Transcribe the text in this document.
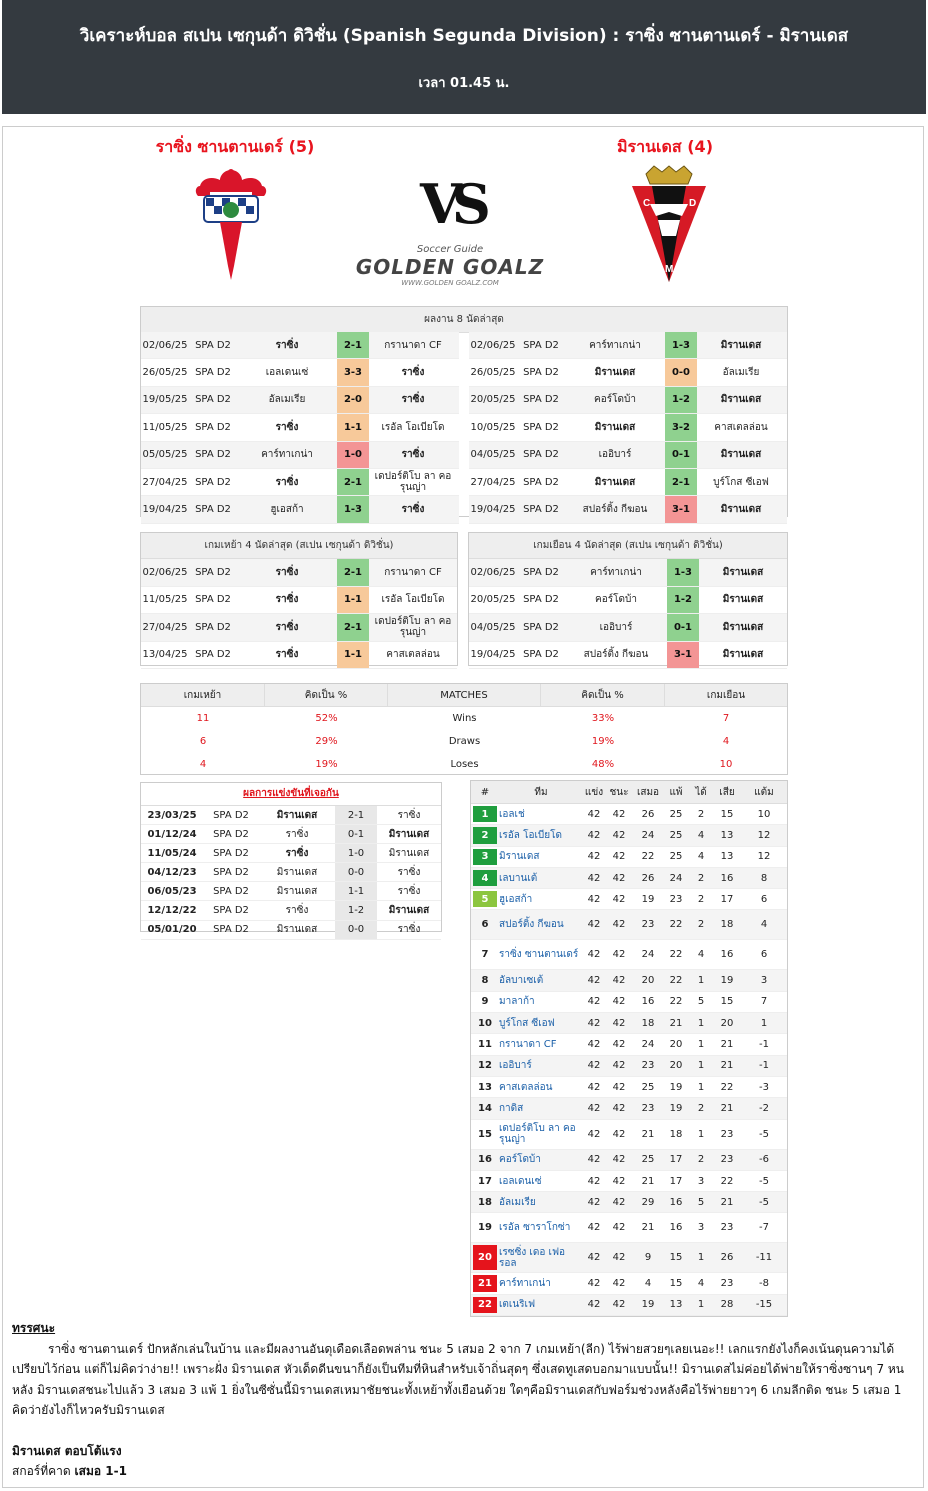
วิเคราะห์บอล สเปน เซกุนด้า ดิวิชั่น (Spanish Segunda Division) : ราซิ่ง ซานตานเดร์ - มิรานเดส
เวลา 01.45 น.
ราซิ่ง ซานตานเดร์ (5)	มิรานเดส (4)
C	D
M
VS
Soccer Guide
GOLDEN GOALZ
WWW.GOLDEN GOALZ.COM
ผลงาน 8 นัดล่าสุด
02/06/25 SPA D2	ราซิ่ง	2-1	กรานาดา CF
26/05/25 SPA D2	เอลเดนเซ่	3-3	ราซิ่ง
19/05/25 SPA D2	อัลเมเรีย	2-0	ราซิ่ง
11/05/25 SPA D2	ราซิ่ง	1-1	เรอัล โอเบียโด
05/05/25 SPA D2	คาร์ทาเกน่า	1-0	ราซิ่ง
27/04/25 SPA D2	ราซิ่ง	2-1	เดปอร์ติโบ ลา คอรุนญ่า
19/04/25 SPA D2	ฮูเอสก้า	1-3	ราซิ่ง
02/06/25 SPA D2	คาร์ทาเกน่า	1-3	มิรานเดส
26/05/25 SPA D2	มิรานเดส	0-0	อัลเมเรีย
20/05/25 SPA D2	คอร์โดบ้า	1-2	มิรานเดส
10/05/25 SPA D2	มิรานเดส	3-2	คาสเตลล่อน
04/05/25 SPA D2	เออิบาร์	0-1	มิรานเดส
27/04/25 SPA D2	มิรานเดส	2-1	บูร์โกส ซีเอฟ
19/04/25 SPA D2	สปอร์ติ้ง กีฆอน	3-1	มิรานเดส
เกมเหย้า 4 นัดล่าสุด (สเปน เซกุนด้า ดิวิชั่น)
02/06/25 SPA D2	ราซิ่ง	2-1	กรานาดา CF
11/05/25 SPA D2	ราซิ่ง	1-1	เรอัล โอเบียโด
27/04/25 SPA D2	ราซิ่ง	2-1	เดปอร์ติโบ ลา คอรุนญ่า
13/04/25 SPA D2	ราซิ่ง	1-1	คาสเตลล่อน
เกมเยือน 4 นัดล่าสุด (สเปน เซกุนด้า ดิวิชั่น)
02/06/25 SPA D2	คาร์ทาเกน่า	1-3	มิรานเดส
20/05/25 SPA D2	คอร์โดบ้า	1-2	มิรานเดส
04/05/25 SPA D2	เออิบาร์	0-1	มิรานเดส
19/04/25 SPA D2	สปอร์ติ้ง กีฆอน	3-1	มิรานเดส
เกมเหย้า	คิดเป็น %	MATCHES	คิดเป็น %	เกมเยือน
11	52%	Wins	33%	7
6	29%	Draws	19%	4
4	19%	Loses	48%	10
ผลการแข่งขันที่เจอกัน
23/03/25	SPA D2	มิรานเดส	2-1	ราซิ่ง
01/12/24	SPA D2	ราซิ่ง	0-1	มิรานเดส
11/05/24	SPA D2	ราซิ่ง	1-0	มิรานเดส
04/12/23	SPA D2	มิรานเดส	0-0	ราซิ่ง
06/05/23	SPA D2	มิรานเดส	1-1	ราซิ่ง
12/12/22	SPA D2	ราซิ่ง	1-2	มิรานเดส
05/01/20	SPA D2	มิรานเดส	0-0	ราซิ่ง
#	ทีม	แข่ง ชนะ เสมอ	แพ้	ได้	เสีย	แต้ม
1	เอลเช่	42	42	26	25	2	15	10
2	เรอัล โอเบียโด	42	42	24	25	4	13	12
3	มิรานเดส	42	42	22	25	4	13	12
4	เลบานเต้	42	42	26	24	2	16	8
5	ฮูเอสก้า	42	42	19	23	2	17	6
6	สปอร์ติ้ง กีฆอน	42	42	23	22	2	18	4
7	ราซิ่ง ซานตานเดร์ 42	42	24	22	4	16	6
8	อัลบาเซเต้	42	42	20	22	1	19	3
9	มาลาก้า	42	42	16	22	5	15	7
10 บูร์โกส ซีเอฟ	42	42	18	21	1	20	1
11 กรานาดา CF	42	42	24	20	1	21	-1
12 เออิบาร์	42	42	23	20	1	21	-1
13 คาสเตลล่อน	42	42	25	19	1	22	-3
14 กาดิส	42	42	23	19	2	21	-2
15 เดปอร์ติโบ ลา คอรุนญ่า	42	42	21	18	1	23	-5
16 คอร์โดบ้า	42	42	25	17	2	23	-6
17 เอลเดนเซ่	42	42	21	17	3	22	-5
18 อัลเมเรีย	42	42	29	16	5	21	-5
19 เรอัล ซาราโกซ่า	42	42	21	16	3	23	-7
20 เรซซิ่ง เดอ เฟอ รอล	42	42	9	15	1	26	-11
21 คาร์ทาเกน่า	42	42	4	15	4	23	-8
22 เตเนริเฟ	42	42	19	13	1	28	-15
ทรรศนะ

ราซิ่ง ซานตานเดร์ ปักหลักเล่นในบ้าน และมีผลงานอันดุเดือดเลือดพล่าน ชนะ 5 เสมอ 2 จาก 7 เกมเหย้า(ลีก) ไร้พ่ายสวยๆเลยเนอะ!! เลกแรกยังไงก็คงเน้นดุนความได้เปรียบไว้ก่อน แต่ก็ไม่คิดว่าง่าย!! เพราะฝั่ง มิรานเดส หัวเด็ดดีนขนาก็ยังเป็นทีมที่หินสำหรับเจ้าถิ่นสุดๆ ซึ่งเสดทูเสดบอกมาแบบนั้น!! มิรานเดสไม่ค่อยได้พ่ายให้ราซิ่งซานๆ 7 หนหลัง มิรานเดสชนะไปแล้ว 3 เสมอ 3 แพ้ 1 ยิ่งในซีซั่นนี้มิรานเดสเหมาชัยชนะทั้งเหย้าทั้งเยือนด้วย ใดๆคือมิรานเดสกับฟอร์มช่วงหลังคือไร้พ่ายยาวๆ 6 เกมลีกติด ชนะ 5 เสมอ 1 คิดว่ายังไงก็ไหวครับมิรานเดส

มิรานเดส ตอบโต้แรง
สกอร์ที่คาด เสมอ 1-1
